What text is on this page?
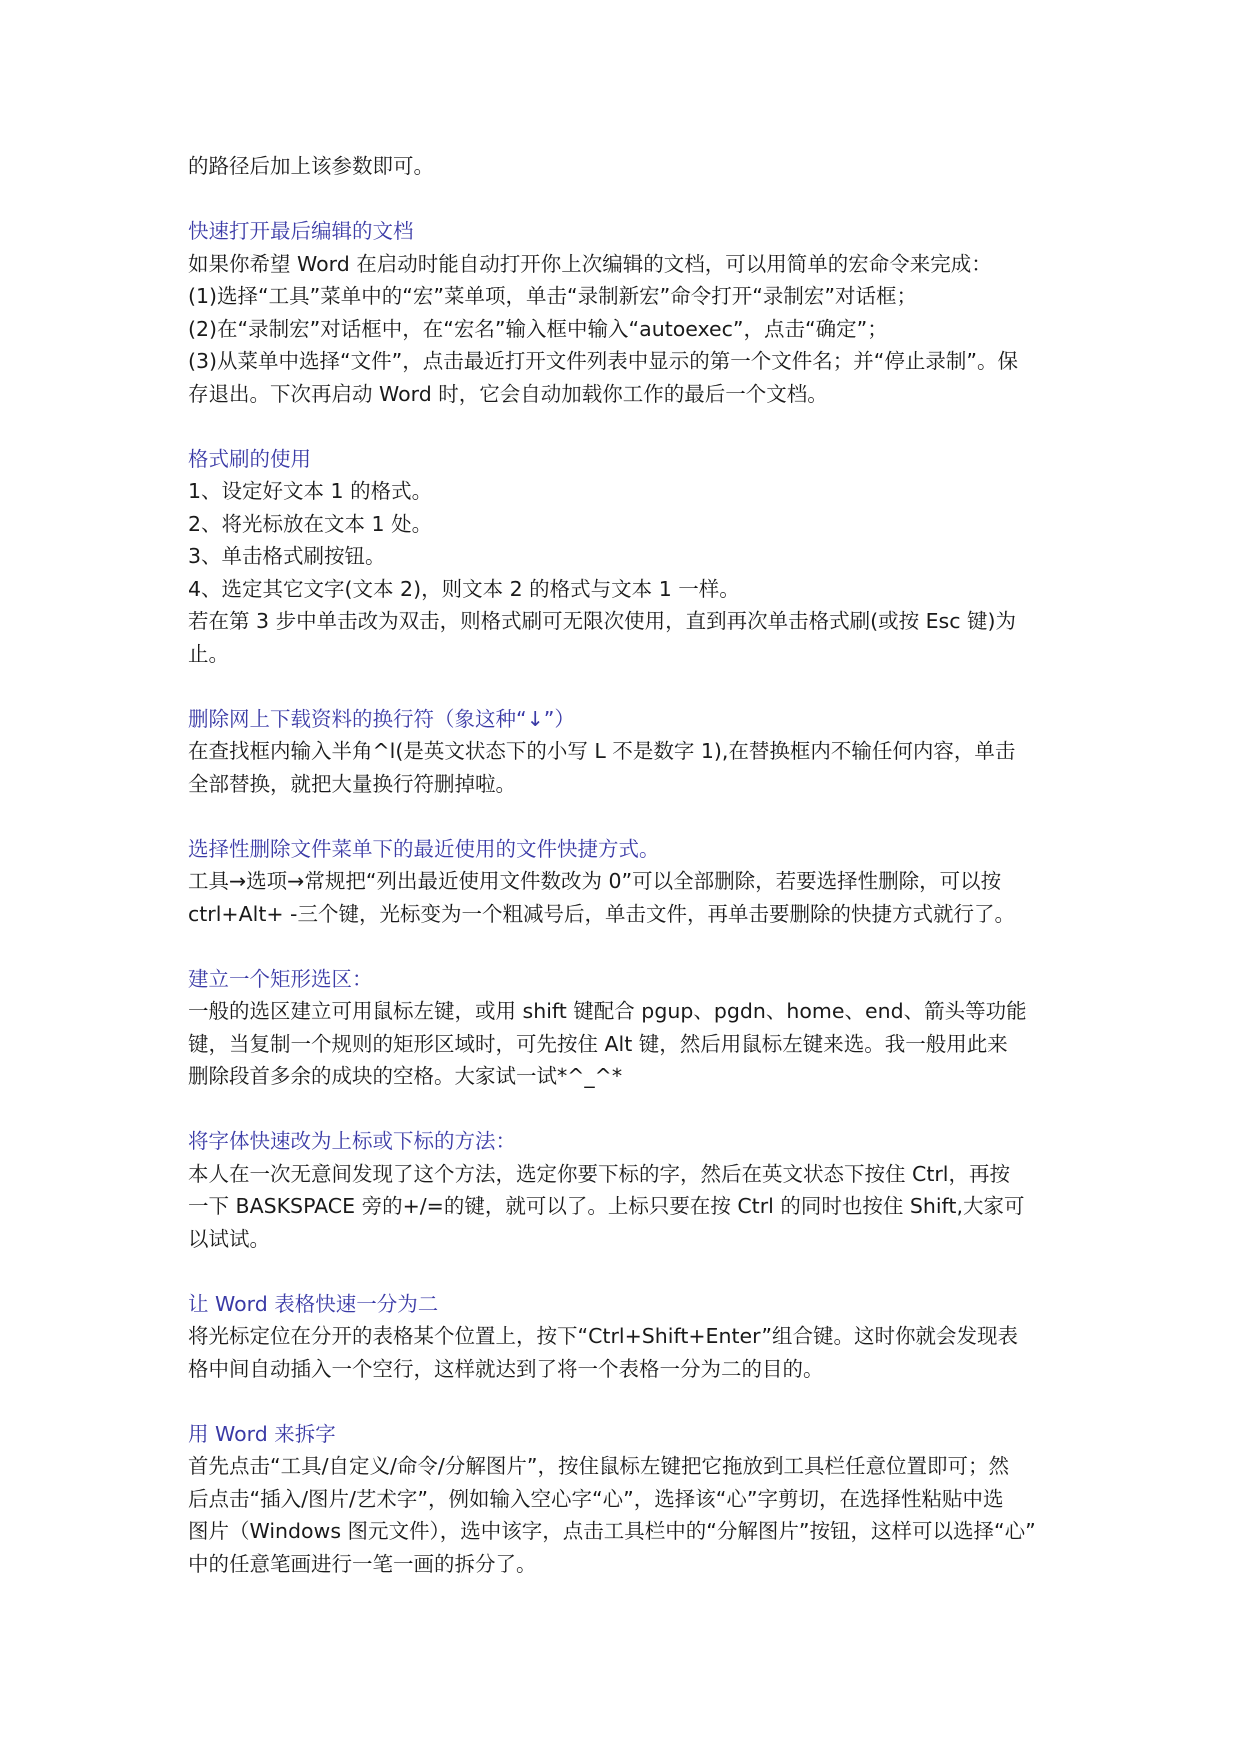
的路径后加上该参数即可。
快速打开最后编辑的文档
如果你希望 Word 在启动时能自动打开你上次编辑的文档，可以用简单的宏命令来完成：
(1)选择“工具”菜单中的“宏”菜单项，单击“录制新宏”命令打开“录制宏”对话框；
(2)在“录制宏”对话框中，在“宏名”输入框中输入“autoexec”，点击“确定”；
(3)从菜单中选择“文件”，点击最近打开文件列表中显示的第一个文件名；并“停止录制”。保
存退出。下次再启动 Word 时，它会自动加载你工作的最后一个文档。
格式刷的使用
1、设定好文本 1 的格式。
2、将光标放在文本 1 处。
3、单击格式刷按钮。
4、选定其它文字(文本 2)，则文本 2 的格式与文本 1 一样。
若在第 3 步中单击改为双击，则格式刷可无限次使用，直到再次单击格式刷(或按 Esc 键)为
止。
删除网上下载资料的换行符（象这种“↓”）
在查找框内输入半角^l(是英文状态下的小写 L 不是数字 1),在替换框内不输任何内容，单击
全部替换，就把大量换行符删掉啦。
选择性删除文件菜单下的最近使用的文件快捷方式。
工具→选项→常规把“列出最近使用文件数改为 0”可以全部删除，若要选择性删除，可以按
ctrl+Alt+ -三个键，光标变为一个粗减号后，单击文件，再单击要删除的快捷方式就行了。
建立一个矩形选区：
一般的选区建立可用鼠标左键，或用 shift 键配合 pgup、pgdn、home、end、箭头等功能
键，当复制一个规则的矩形区域时，可先按住 Alt 键，然后用鼠标左键来选。我一般用此来
删除段首多余的成块的空格。大家试一试*^_^*
将字体快速改为上标或下标的方法：
本人在一次无意间发现了这个方法，选定你要下标的字，然后在英文状态下按住 Ctrl，再按
一下 BASKSPACE 旁的+/=的键，就可以了。上标只要在按 Ctrl 的同时也按住 Shift,大家可
以试试。
让 Word 表格快速一分为二
将光标定位在分开的表格某个位置上，按下“Ctrl+Shift+Enter”组合键。这时你就会发现表
格中间自动插入一个空行，这样就达到了将一个表格一分为二的目的。
用 Word 来拆字
首先点击“工具/自定义/命令/分解图片”，按住鼠标左键把它拖放到工具栏任意位置即可；然
后点击“插入/图片/艺术字”，例如输入空心字“心”，选择该“心”字剪切，在选择性粘贴中选
图片（Windows 图元文件），选中该字，点击工具栏中的“分解图片”按钮，这样可以选择“心”
中的任意笔画进行一笔一画的拆分了。
